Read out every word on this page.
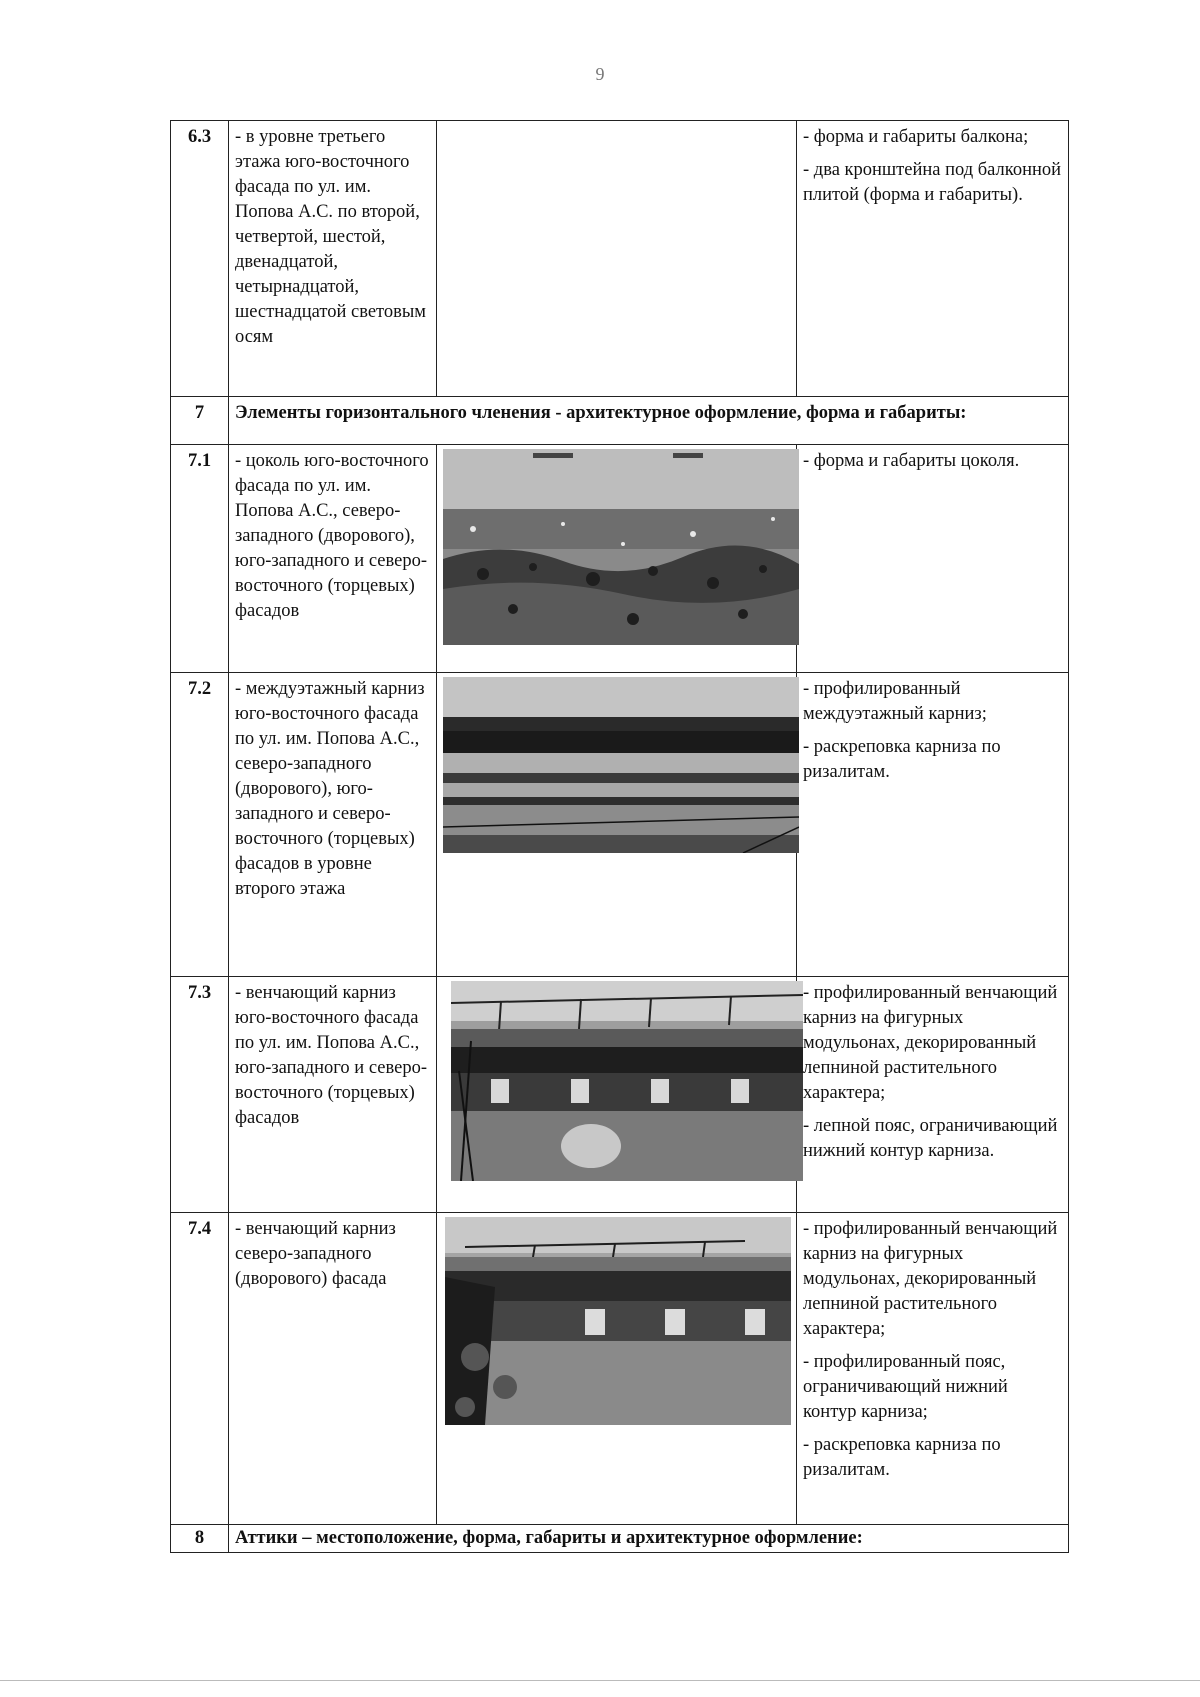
9
6.3	- в уровне третьего этажа юго-восточного фасада по ул. им. Попова А.С. по второй, четвертой, шестой, двенадцатой, четырнадцатой, шестнадцатой световым осям		- форма и габариты балкона;

- два кронштейна под балконной плитой (форма и габариты).

7	Элементы горизонтального членения - архитектурное оформление, форма и габариты:		
7.1	- цоколь юго-восточного фасада по ул. им. Попова А.С., северо-западного (дворового), юго-западного и северо-восточного (торцевых) фасадов		- форма и габариты цоколя.

7.2	- междуэтажный карниз юго-восточного фасада по ул. им. Попова А.С., северо-западного (дворового), юго-западного и северо-восточного (торцевых) фасадов в уровне второго этажа		- профилированный междуэтажный карниз;

- раскреповка карниза по ризалитам.

7.3	- венчающий карниз юго-восточного фасада по ул. им. Попова А.С., юго-западного и северо-восточного (торцевых) фасадов		- профилированный венчающий карниз на фигурных модульонах, декорированный лепниной растительного характера;

- лепной пояс, ограничивающий нижний контур карниза.

7.4	- венчающий карниз северо-западного (дворового) фасада		- профилированный венчающий карниз на фигурных модульонах, декорированный лепниной растительного характера;

- профилированный пояс, ограничивающий нижний контур карниза;

- раскреповка карниза по ризалитам.

8	Аттики – местоположение, форма, габариты и архитектурное оформление:		
